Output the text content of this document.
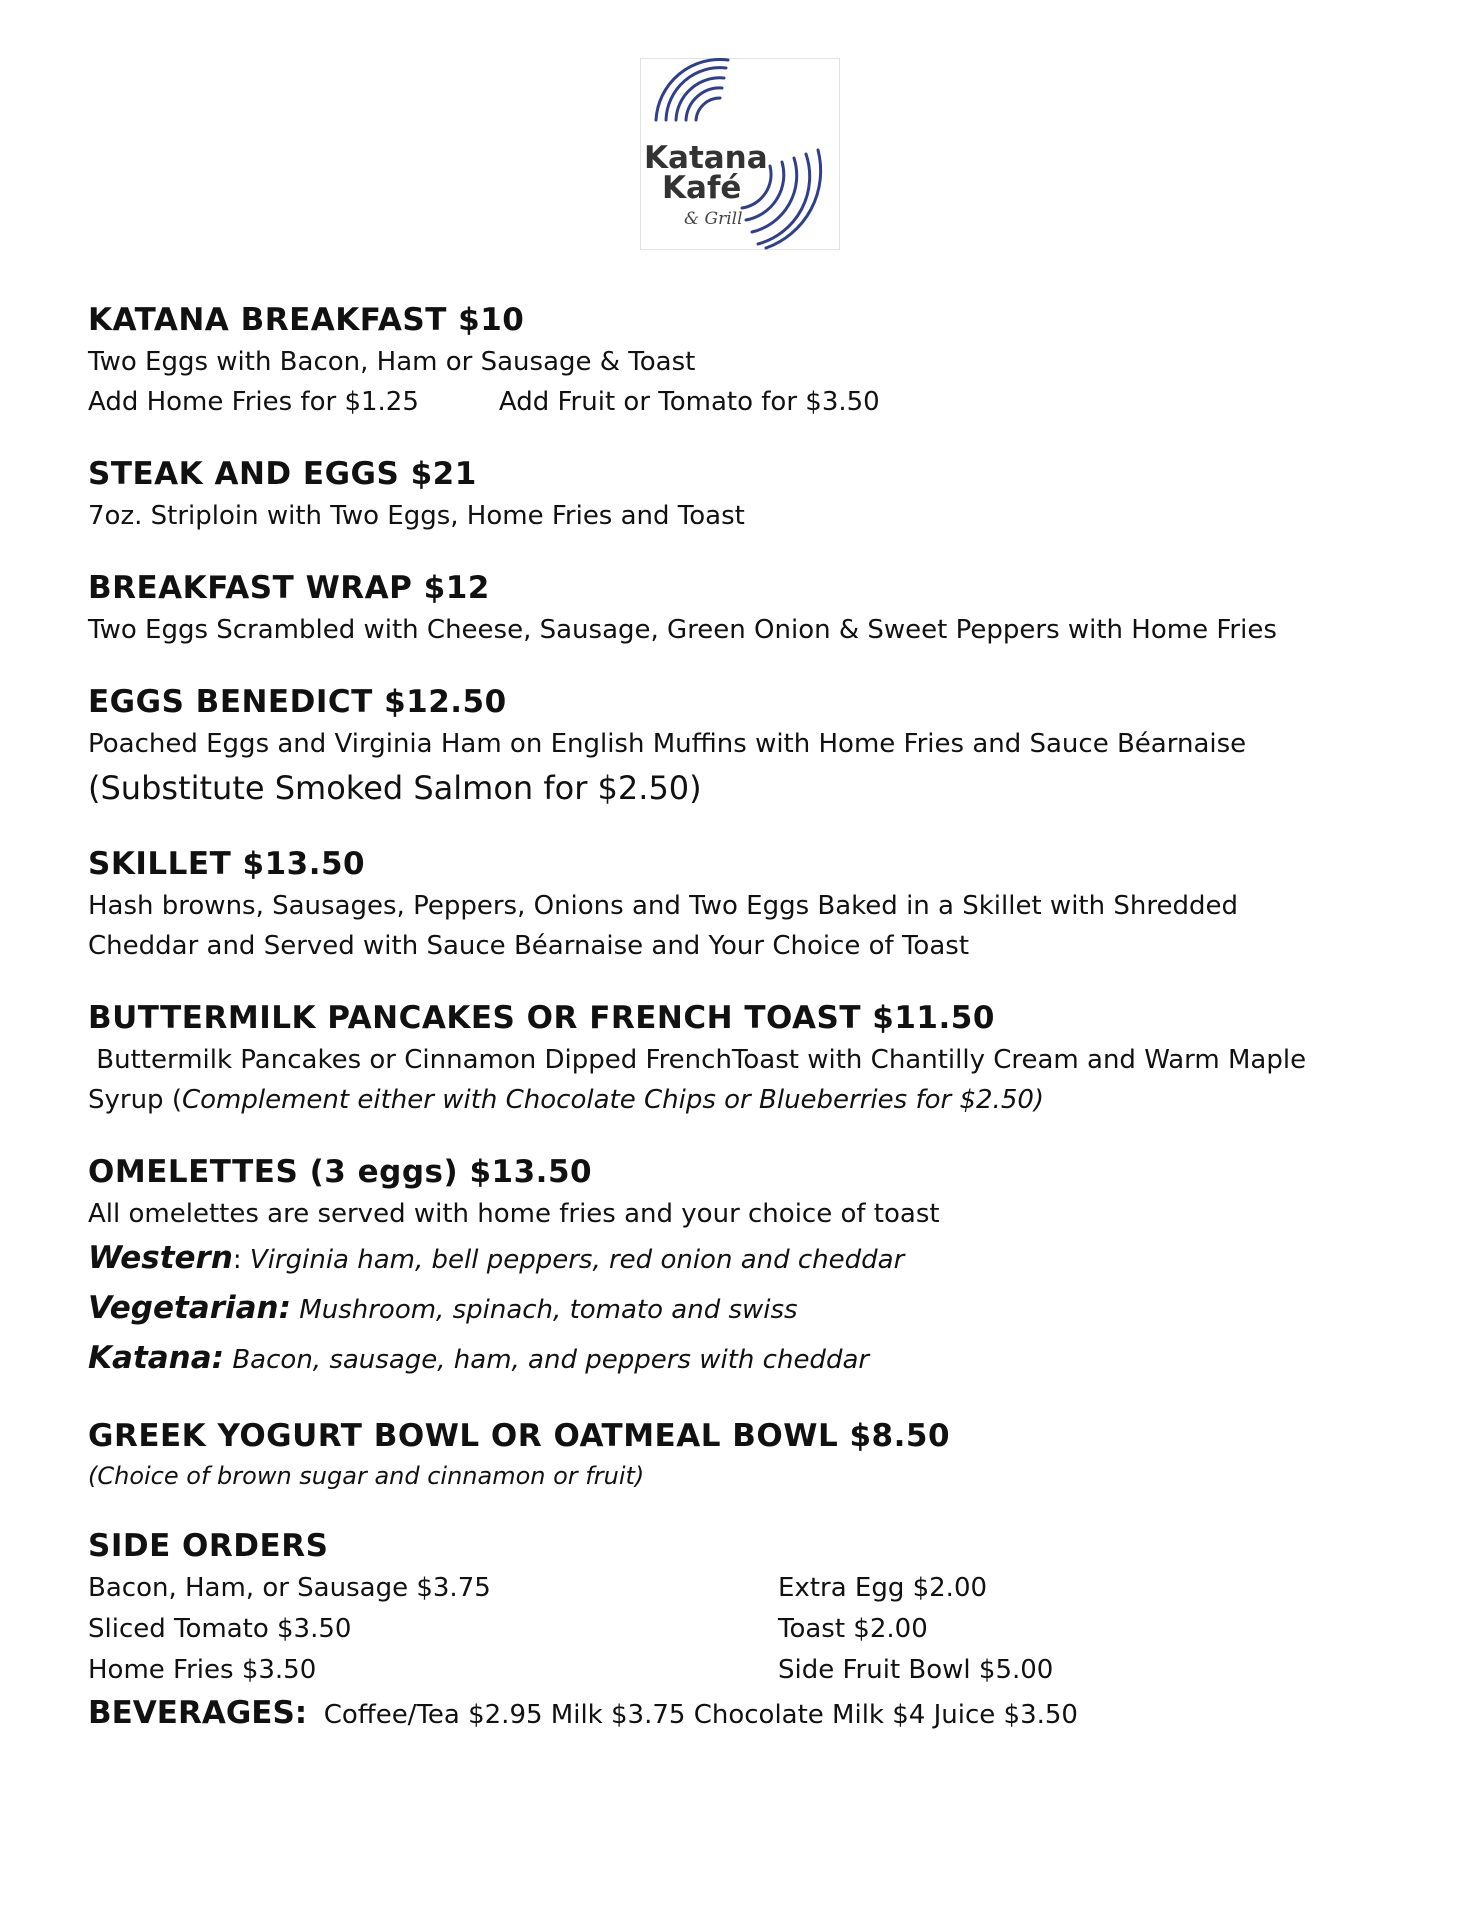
Katana
Kafé
& Grill
KATANA BREAKFAST $10
Two Eggs with Bacon, Ham or Sausage & Toast
Add Home Fries for $1.25	Add Fruit or Tomato for $3.50
STEAK AND EGGS $21
7oz. Striploin with Two Eggs, Home Fries and Toast
BREAKFAST WRAP $12
Two Eggs Scrambled with Cheese, Sausage, Green Onion & Sweet Peppers with Home Fries
EGGS BENEDICT $12.50
Poached Eggs and Virginia Ham on English Muffins with Home Fries and Sauce Béarnaise
(Substitute Smoked Salmon for $2.50)
SKILLET $13.50
Hash browns, Sausages, Peppers, Onions and Two Eggs Baked in a Skillet with Shredded
Cheddar and Served with Sauce Béarnaise and Your Choice of Toast
BUTTERMILK PANCAKES OR FRENCH TOAST $11.50
Buttermilk Pancakes or Cinnamon Dipped FrenchToast with Chantilly Cream and Warm Maple
Syrup (Complement either with Chocolate Chips or Blueberries for $2.50)
OMELETTES (3 eggs) $13.50
All omelettes are served with home fries and your choice of toast
Western: Virginia ham, bell peppers, red onion and cheddar
Vegetarian: Mushroom, spinach, tomato and swiss
Katana: Bacon, sausage, ham, and peppers with cheddar
GREEK YOGURT BOWL OR OATMEAL BOWL $8.50
(Choice of brown sugar and cinnamon or fruit)
SIDE ORDERS
Bacon, Ham, or Sausage $3.75	Extra Egg $2.00
Sliced Tomato $3.50	Toast $2.00
Home Fries $3.50	Side Fruit Bowl $5.00
BEVERAGES:  Coffee/Tea $2.95 Milk $3.75 Chocolate Milk $4 Juice $3.50
